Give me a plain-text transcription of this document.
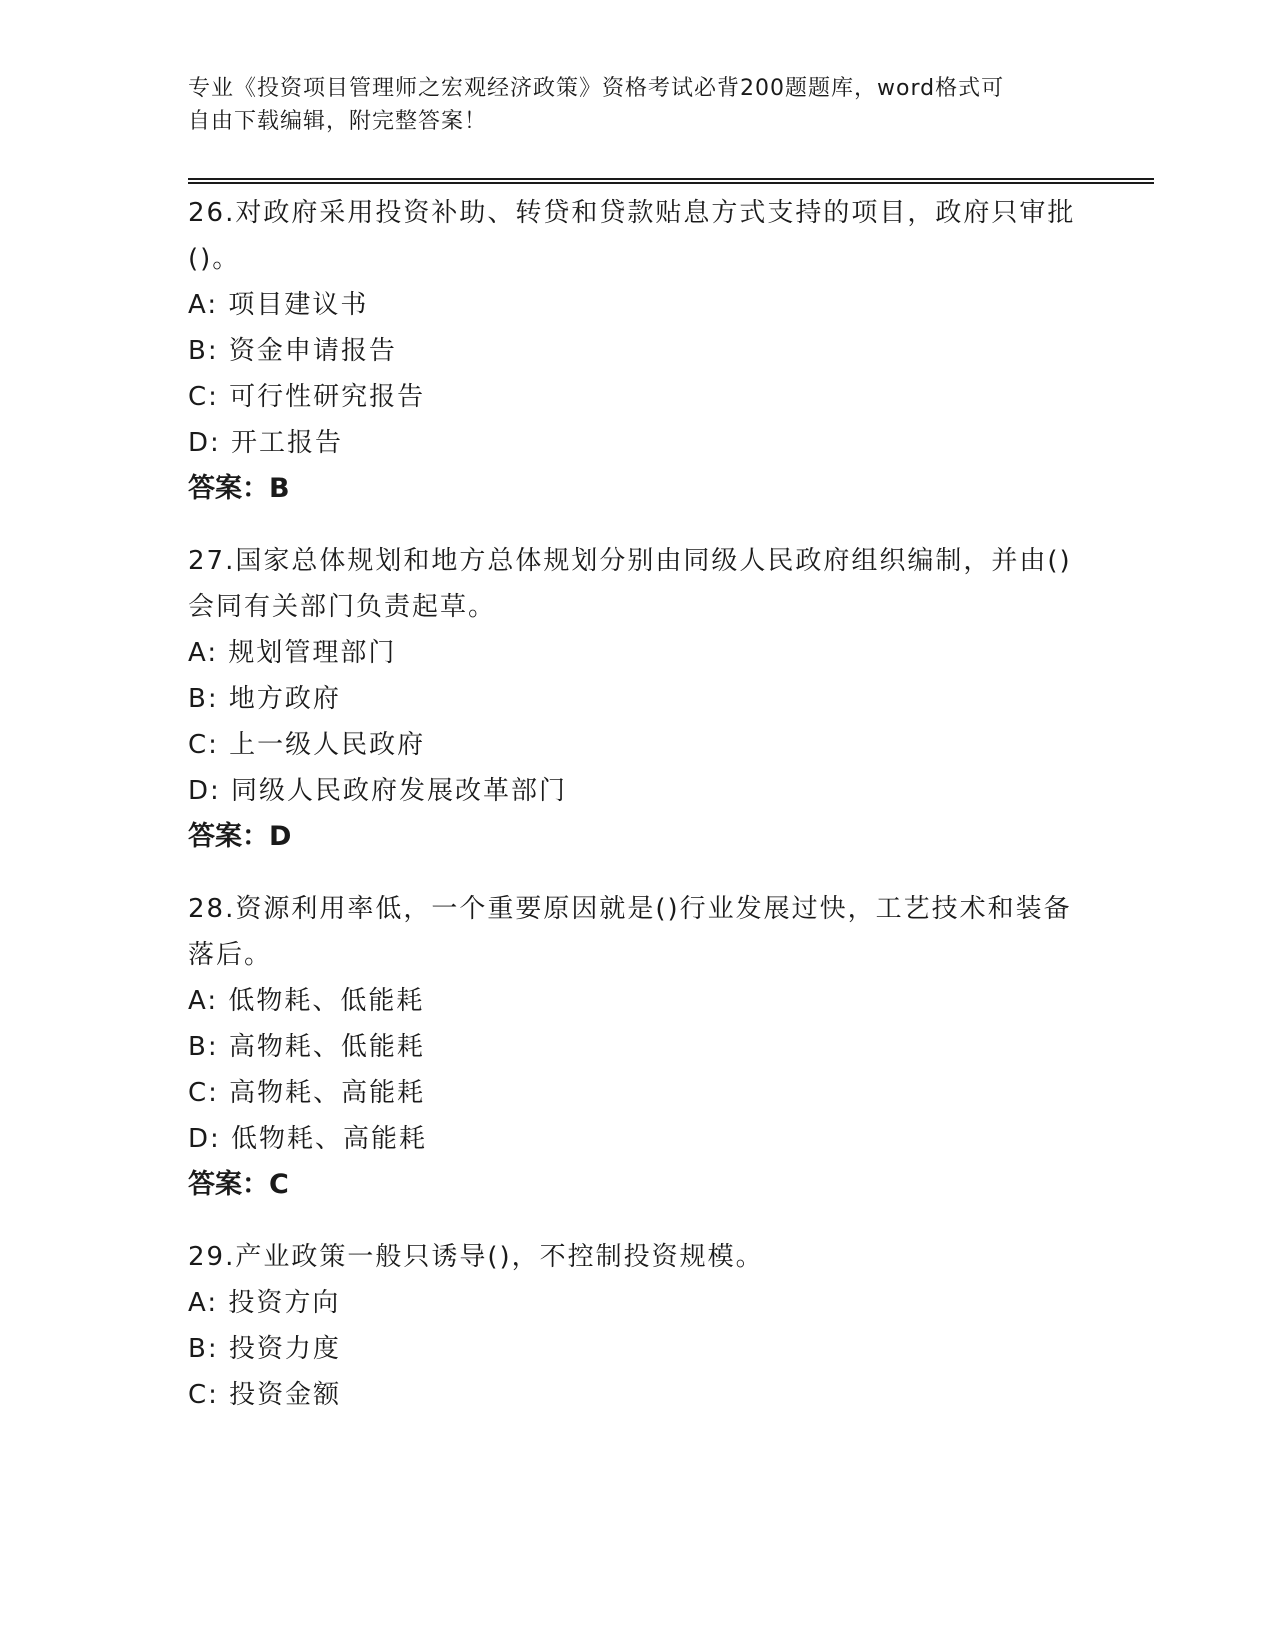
专业《投资项目管理师之宏观经济政策》资格考试必背200题题库，word格式可
自由下载编辑，附完整答案！

26.对政府采用投资补助、转贷和贷款贴息方式支持的项目，政府只审批()。

A: 项目建议书

B: 资金申请报告

C: 可行性研究报告

D: 开工报告

答案：B

27.国家总体规划和地方总体规划分别由同级人民政府组织编制，并由()会同有关部门负责起草。

A: 规划管理部门

B: 地方政府

C: 上一级人民政府

D: 同级人民政府发展改革部门

答案：D

28.资源利用率低，一个重要原因就是()行业发展过快，工艺技术和装备落后。

A: 低物耗、低能耗

B: 高物耗、低能耗

C: 高物耗、高能耗

D: 低物耗、高能耗

答案：C

29.产业政策一般只诱导()，不控制投资规模。

A: 投资方向

B: 投资力度

C: 投资金额
